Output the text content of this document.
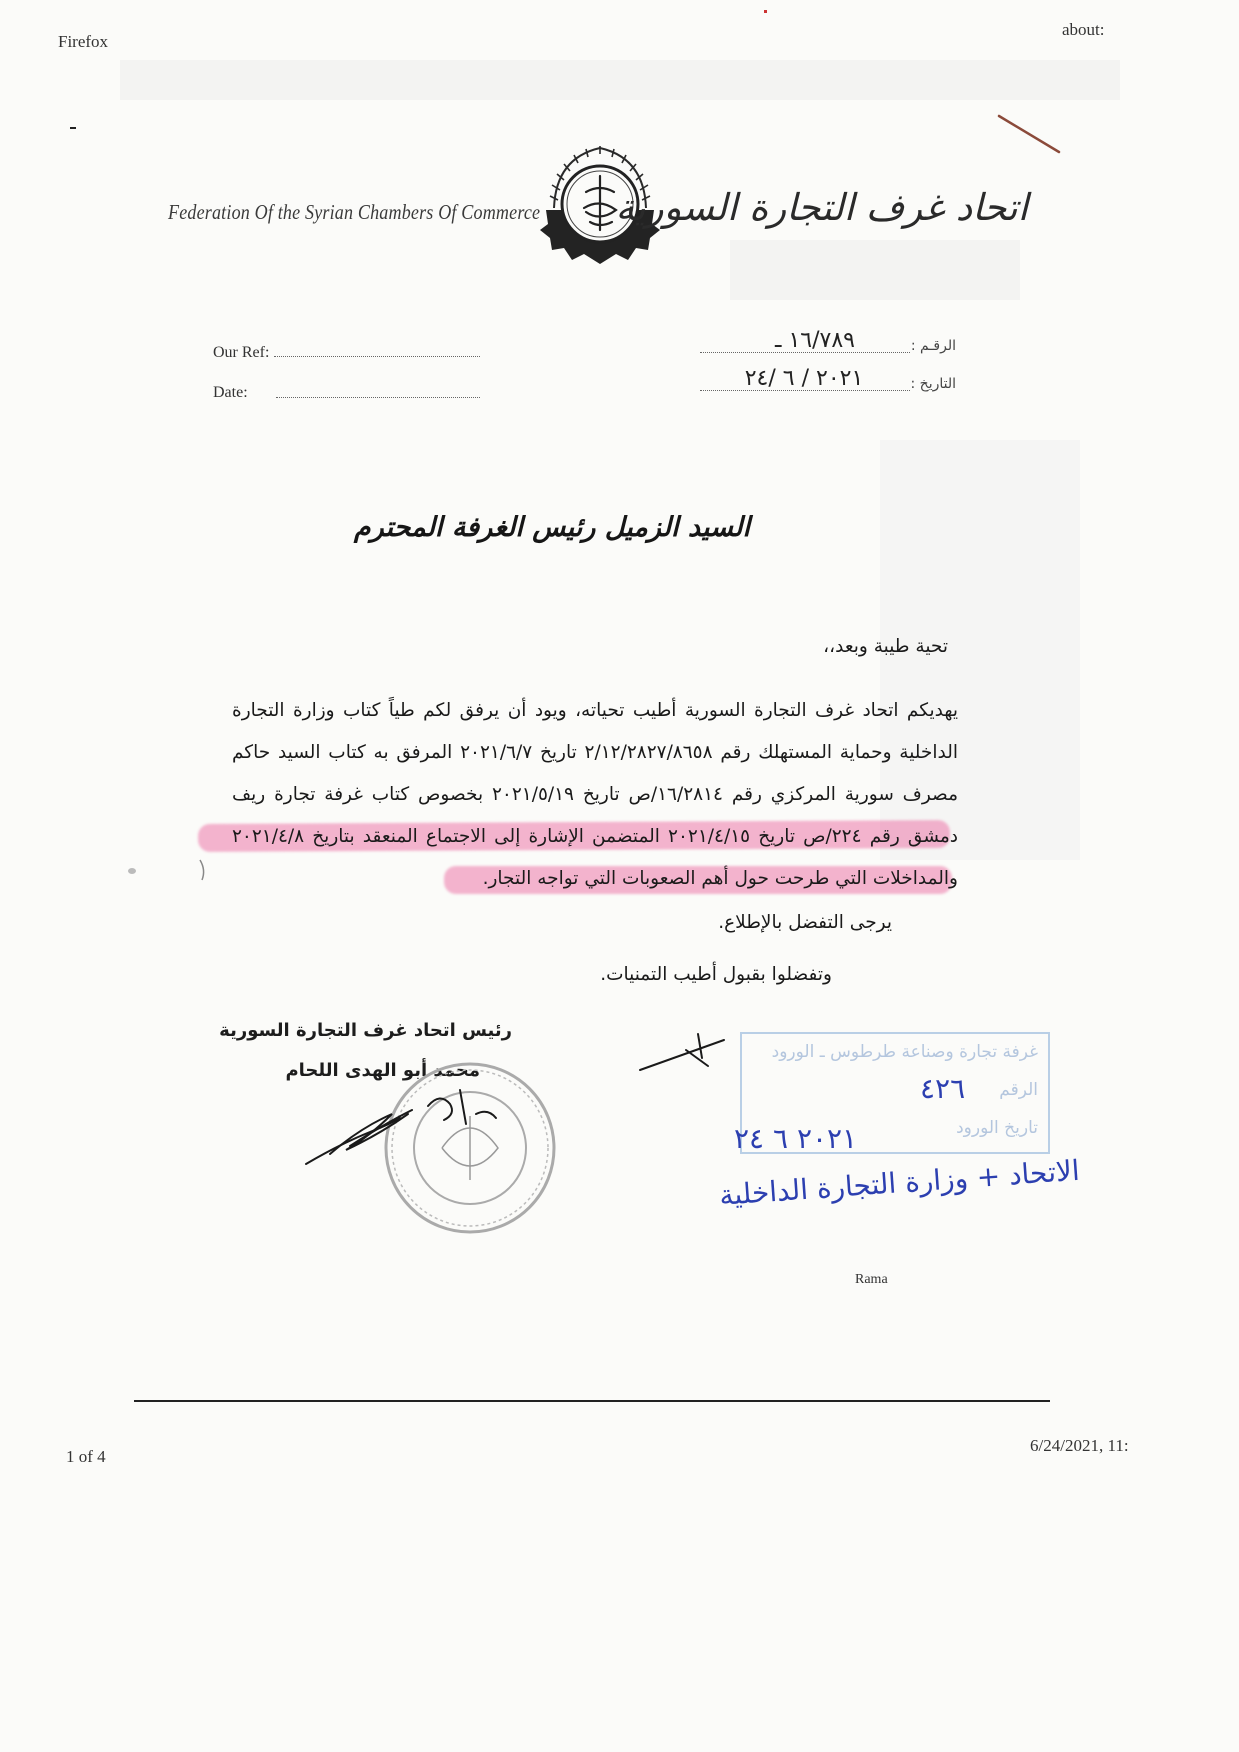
Firefox
about:
Federation Of the Syrian Chambers Of Commerce اتحاد غرف التجارة السورية
Our Ref:
Date:
الرقـم :
١٦/٧٨٩ ـ
التاريخ :
٢٠٢١ / ٦ /٢٤
السيد الزميل رئيس الغرفة المحترم
تحية طيبة وبعد،،
يهديكم اتحاد غرف التجارة السورية أطيب تحياته، ويود أن يرفق لكم طياً كتاب وزارة التجارة
الداخلية وحماية المستهلك رقم ٢/١٢/٢٨٢٧/٨٦٥٨ تاريخ ٢٠٢١/٦/٧ المرفق به كتاب السيد حاكم
مصرف سورية المركزي رقم ١٦/٢٨١٤/ص تاريخ ٢٠٢١/٥/١٩ بخصوص كتاب غرفة تجارة ريف
دمشق رقم ٢٢٤/ص تاريخ ٢٠٢١/٤/١٥ المتضمن الإشارة إلى الاجتماع المنعقد بتاريخ ٢٠٢١/٤/٨
والمداخلات التي طرحت حول أهم الصعوبات التي تواجه التجار.
يرجى التفضل بالإطلاع.
وتفضلوا بقبول أطيب التمنيات.
رئيس اتحاد غرف التجارة السورية
محمد أبو الهدى اللحام
غرفة تجارة وصناعة طرطوس ـ الورود
الرقم
تاريخ الورود
٤٢٦
٢٠٢١ ٦ ٢٤
الاتحاد + وزارة التجارة الداخلية
Rama
1 of 4
6/24/2021, 11:
